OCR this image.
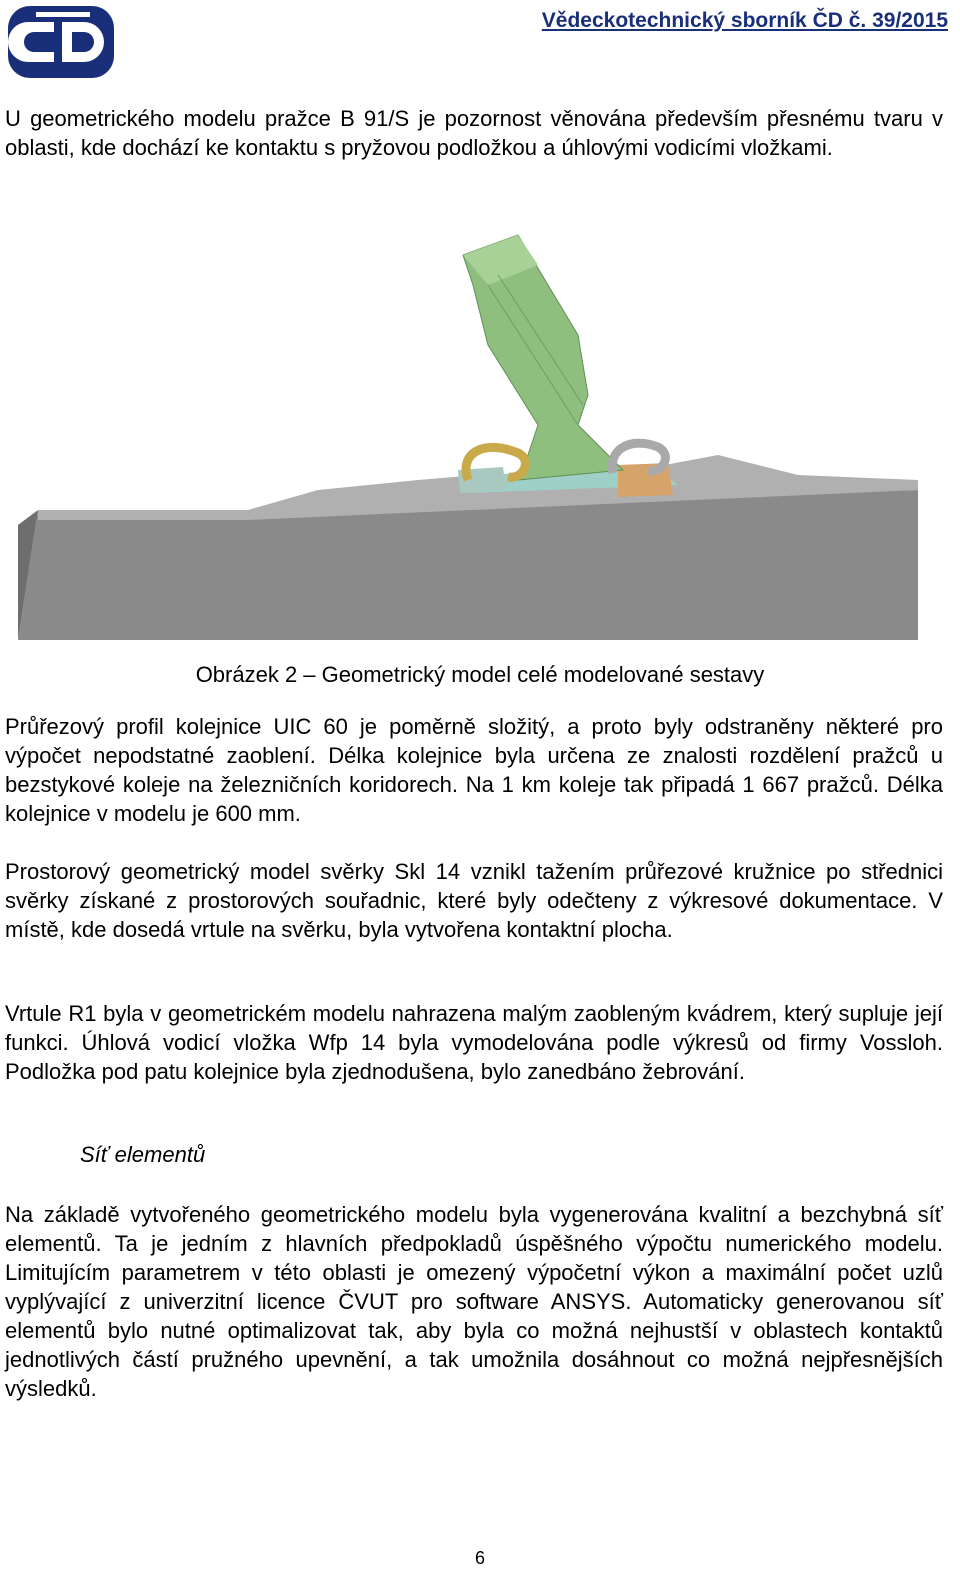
Vědeckotechnický sborník ČD č. 39/2015

U geometrického modelu pražce B 91/S je pozornost věnována především přesnému tvaru v oblasti, kde dochází ke kontaktu s pryžovou podložkou a úhlovými vodicími vložkami.

Obrázek 2 – Geometrický model celé modelované sestavy

Průřezový profil kolejnice UIC 60 je poměrně složitý, a proto byly odstraněny některé pro výpočet nepodstatné zaoblení. Délka kolejnice byla určena ze znalosti rozdělení pražců u bezstykové koleje na železničních koridorech. Na 1 km koleje tak připadá 1 667 pražců. Délka kolejnice v modelu je 600 mm.

Prostorový geometrický model svěrky Skl 14 vznikl tažením průřezové kružnice po střednici svěrky získané z prostorových souřadnic, které byly odečteny z výkresové dokumentace. V místě, kde dosedá vrtule na svěrku, byla vytvořena kontaktní plocha.

Vrtule R1 byla v geometrickém modelu nahrazena malým zaobleným kvádrem, který supluje její funkci. Úhlová vodicí vložka Wfp 14 byla vymodelována podle výkresů od firmy Vossloh. Podložka pod patu kolejnice byla zjednodušena, bylo zanedbáno žebrování.

Síť elementů

Na základě vytvořeného geometrického modelu byla vygenerována kvalitní a bezchybná síť elementů. Ta je jedním z hlavních předpokladů úspěšného výpočtu numerického modelu. Limitujícím parametrem v této oblasti je omezený výpočetní výkon a maximální počet uzlů vyplývající z univerzitní licence ČVUT pro software ANSYS. Automaticky generovanou síť elementů bylo nutné optimalizovat tak, aby byla co možná nejhustší v oblastech kontaktů jednotlivých částí pružného upevnění, a tak umožnila dosáhnout co možná nejpřesnějších výsledků.

6
